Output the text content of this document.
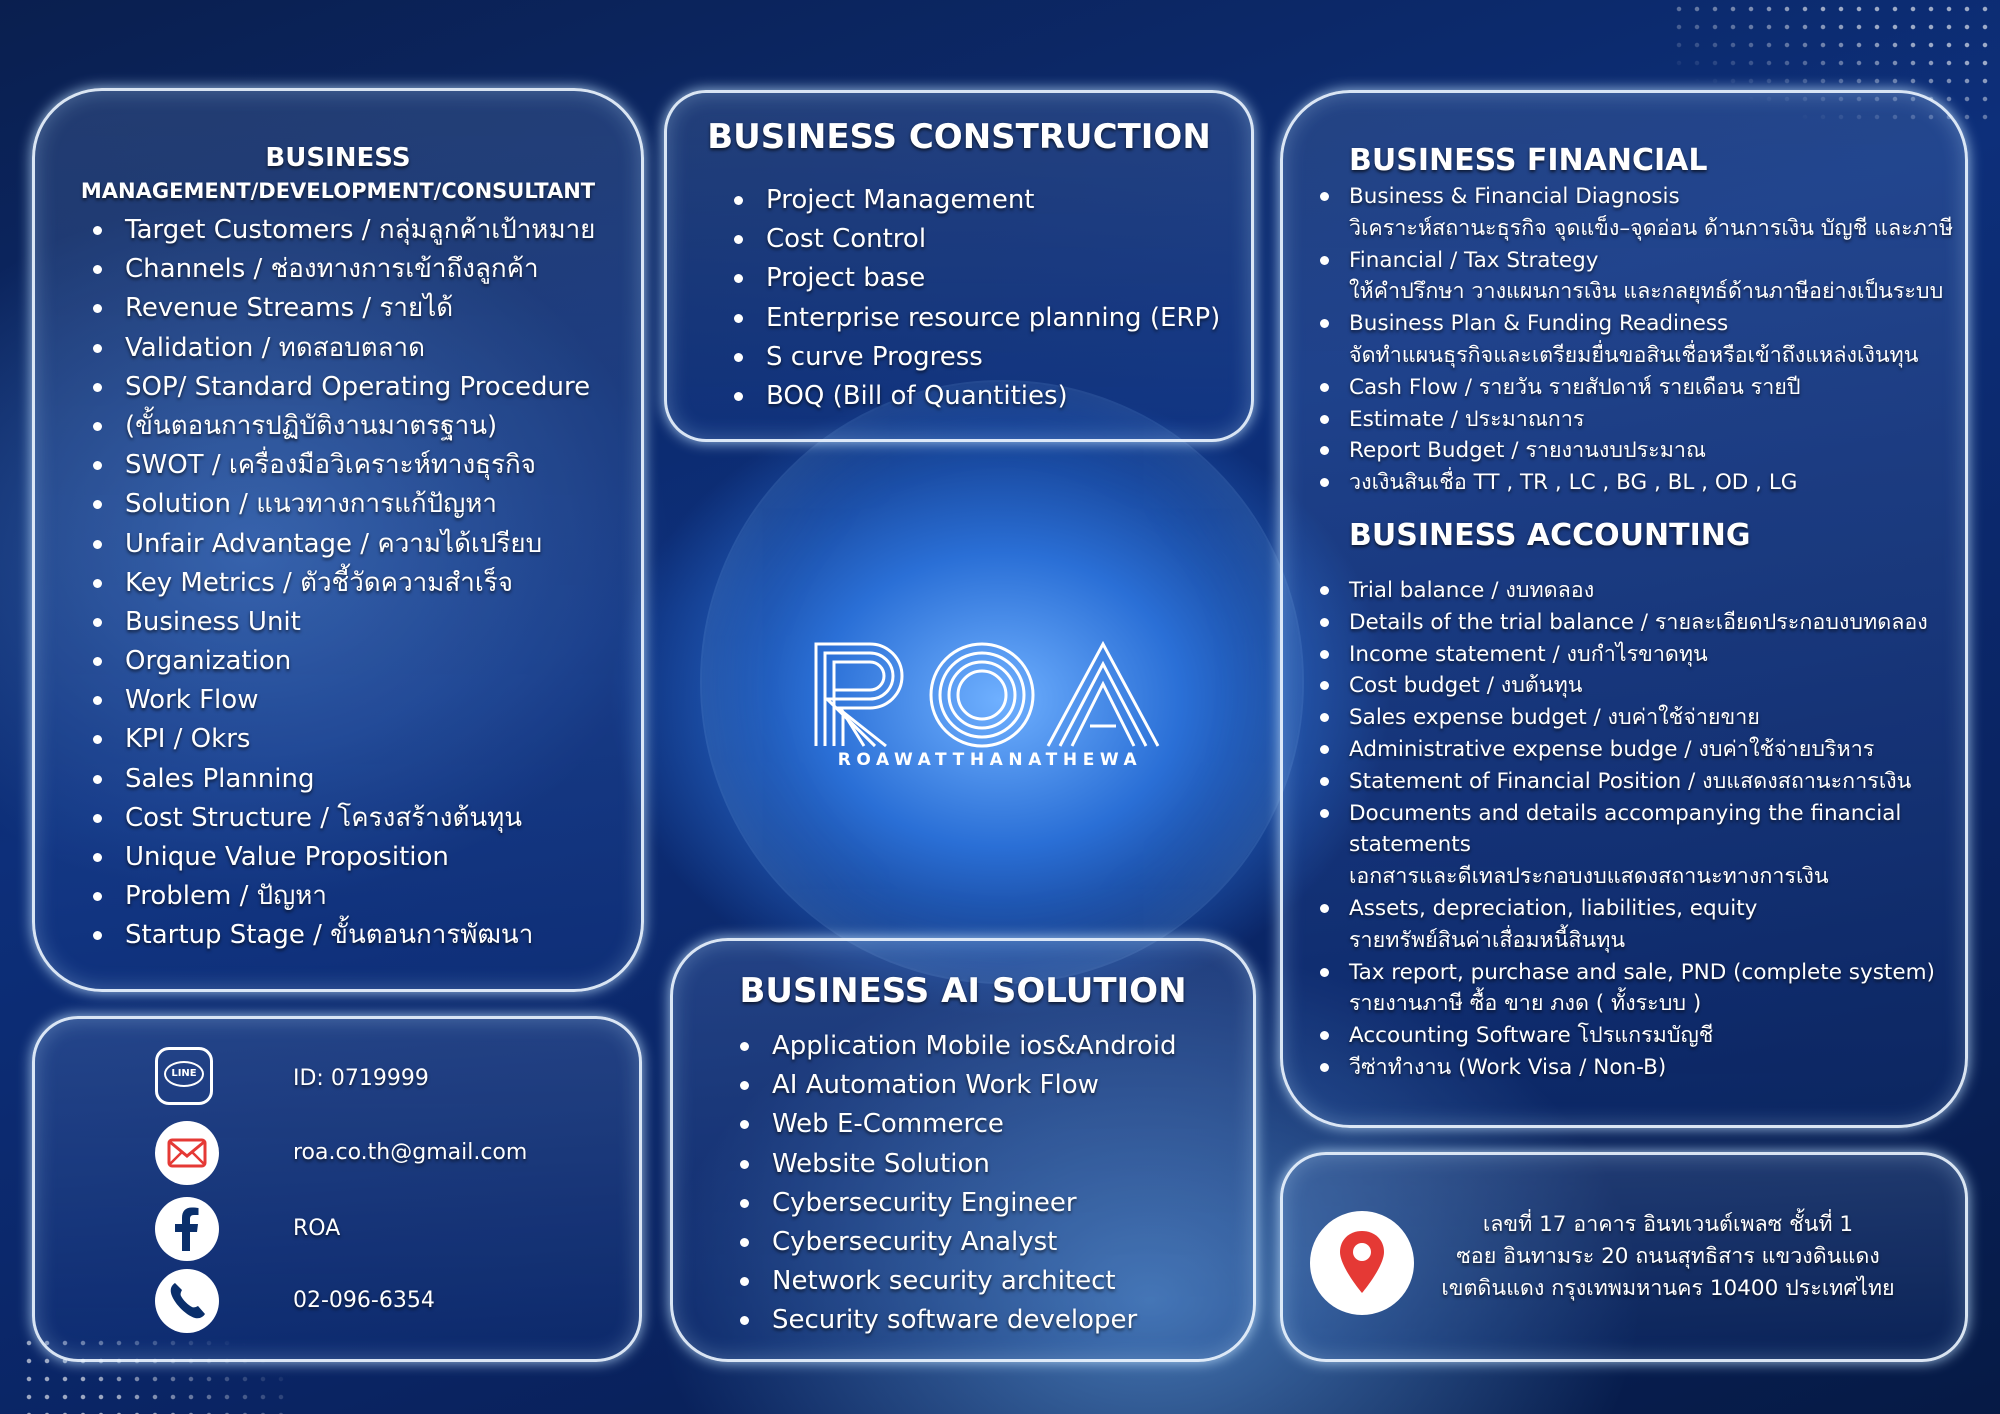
BUSINESS
MANAGEMENT/DEVELOPMENT/CONSULTANT
Target Customers / กลุ่มลูกค้าเป้าหมาย
Channels / ช่องทางการเข้าถึงลูกค้า
Revenue Streams / รายได้
Validation / ทดสอบตลาด
SOP/ Standard Operating Procedure
(ขั้นตอนการปฏิบัติงานมาตรฐาน)
SWOT / เครื่องมือวิเคราะห์ทางธุรกิจ
Solution / แนวทางการแก้ปัญหา
Unfair Advantage / ความได้เปรียบ
Key Metrics / ตัวชี้วัดความสำเร็จ
Business Unit
Organization
Work Flow
KPI / Okrs
Sales Planning
Cost Structure / โครงสร้างต้นทุน
Unique Value Proposition
Problem / ปัญหา
Startup Stage / ขั้นตอนการพัฒนา
BUSINESS CONSTRUCTION
Project Management
Cost Control
Project base
Enterprise resource planning (ERP)
S curve Progress
BOQ (Bill of Quantities)
ROAWATTHANATHEWA
BUSINESS FINANCIAL
Business & Financial Diagnosis
วิเคราะห์สถานะธุรกิจ จุดแข็ง–จุดอ่อน ด้านการเงิน บัญชี และภาษี
Financial / Tax Strategy
ให้คำปรึกษา วางแผนการเงิน และกลยุทธ์ด้านภาษีอย่างเป็นระบบ
Business Plan & Funding Readiness
จัดทำแผนธุรกิจและเตรียมยื่นขอสินเชื่อหรือเข้าถึงแหล่งเงินทุน
Cash Flow / รายวัน รายสัปดาห์ รายเดือน รายปี
Estimate / ประมาณการ
Report Budget / รายงานงบประมาณ
วงเงินสินเชื่อ TT , TR , LC , BG , BL , OD , LG
BUSINESS ACCOUNTING
Trial balance / งบทดลอง
Details of the trial balance / รายละเอียดประกอบงบทดลอง
Income statement / งบกำไรขาดทุน
Cost budget / งบต้นทุน
Sales expense budget / งบค่าใช้จ่ายขาย
Administrative expense budge / งบค่าใช้จ่ายบริหาร
Statement of Financial Position / งบแสดงสถานะการเงิน
Documents and details accompanying the financial
statements
เอกสารและดีเทลประกอบงบแสดงสถานะทางการเงิน
Assets, depreciation, liabilities, equity
รายทรัพย์สินค่าเสื่อมหนี้สินทุน
Tax report, purchase and sale, PND (complete system)
รายงานภาษี ซื้อ ขาย ภงด ( ทั้งระบบ )
Accounting Software โปรแกรมบัญชี
วีซ่าทำงาน (Work Visa / Non-B)
BUSINESS AI SOLUTION
Application Mobile ios&Android
AI Automation Work Flow
Web E-Commerce
Website Solution
Cybersecurity Engineer
Cybersecurity Analyst
Network security architect
Security software developer
LINE	ID: 0719999
roa.co.th@gmail.com
ROA
02-096-6354
เลขที่ 17 อาคาร อินทเวนต์เพลซ ชั้นที่ 1
ซอย อินทามระ 20 ถนนสุทธิสาร แขวงดินแดง
เขตดินแดง กรุงเทพมหานคร 10400 ประเทศไทย
